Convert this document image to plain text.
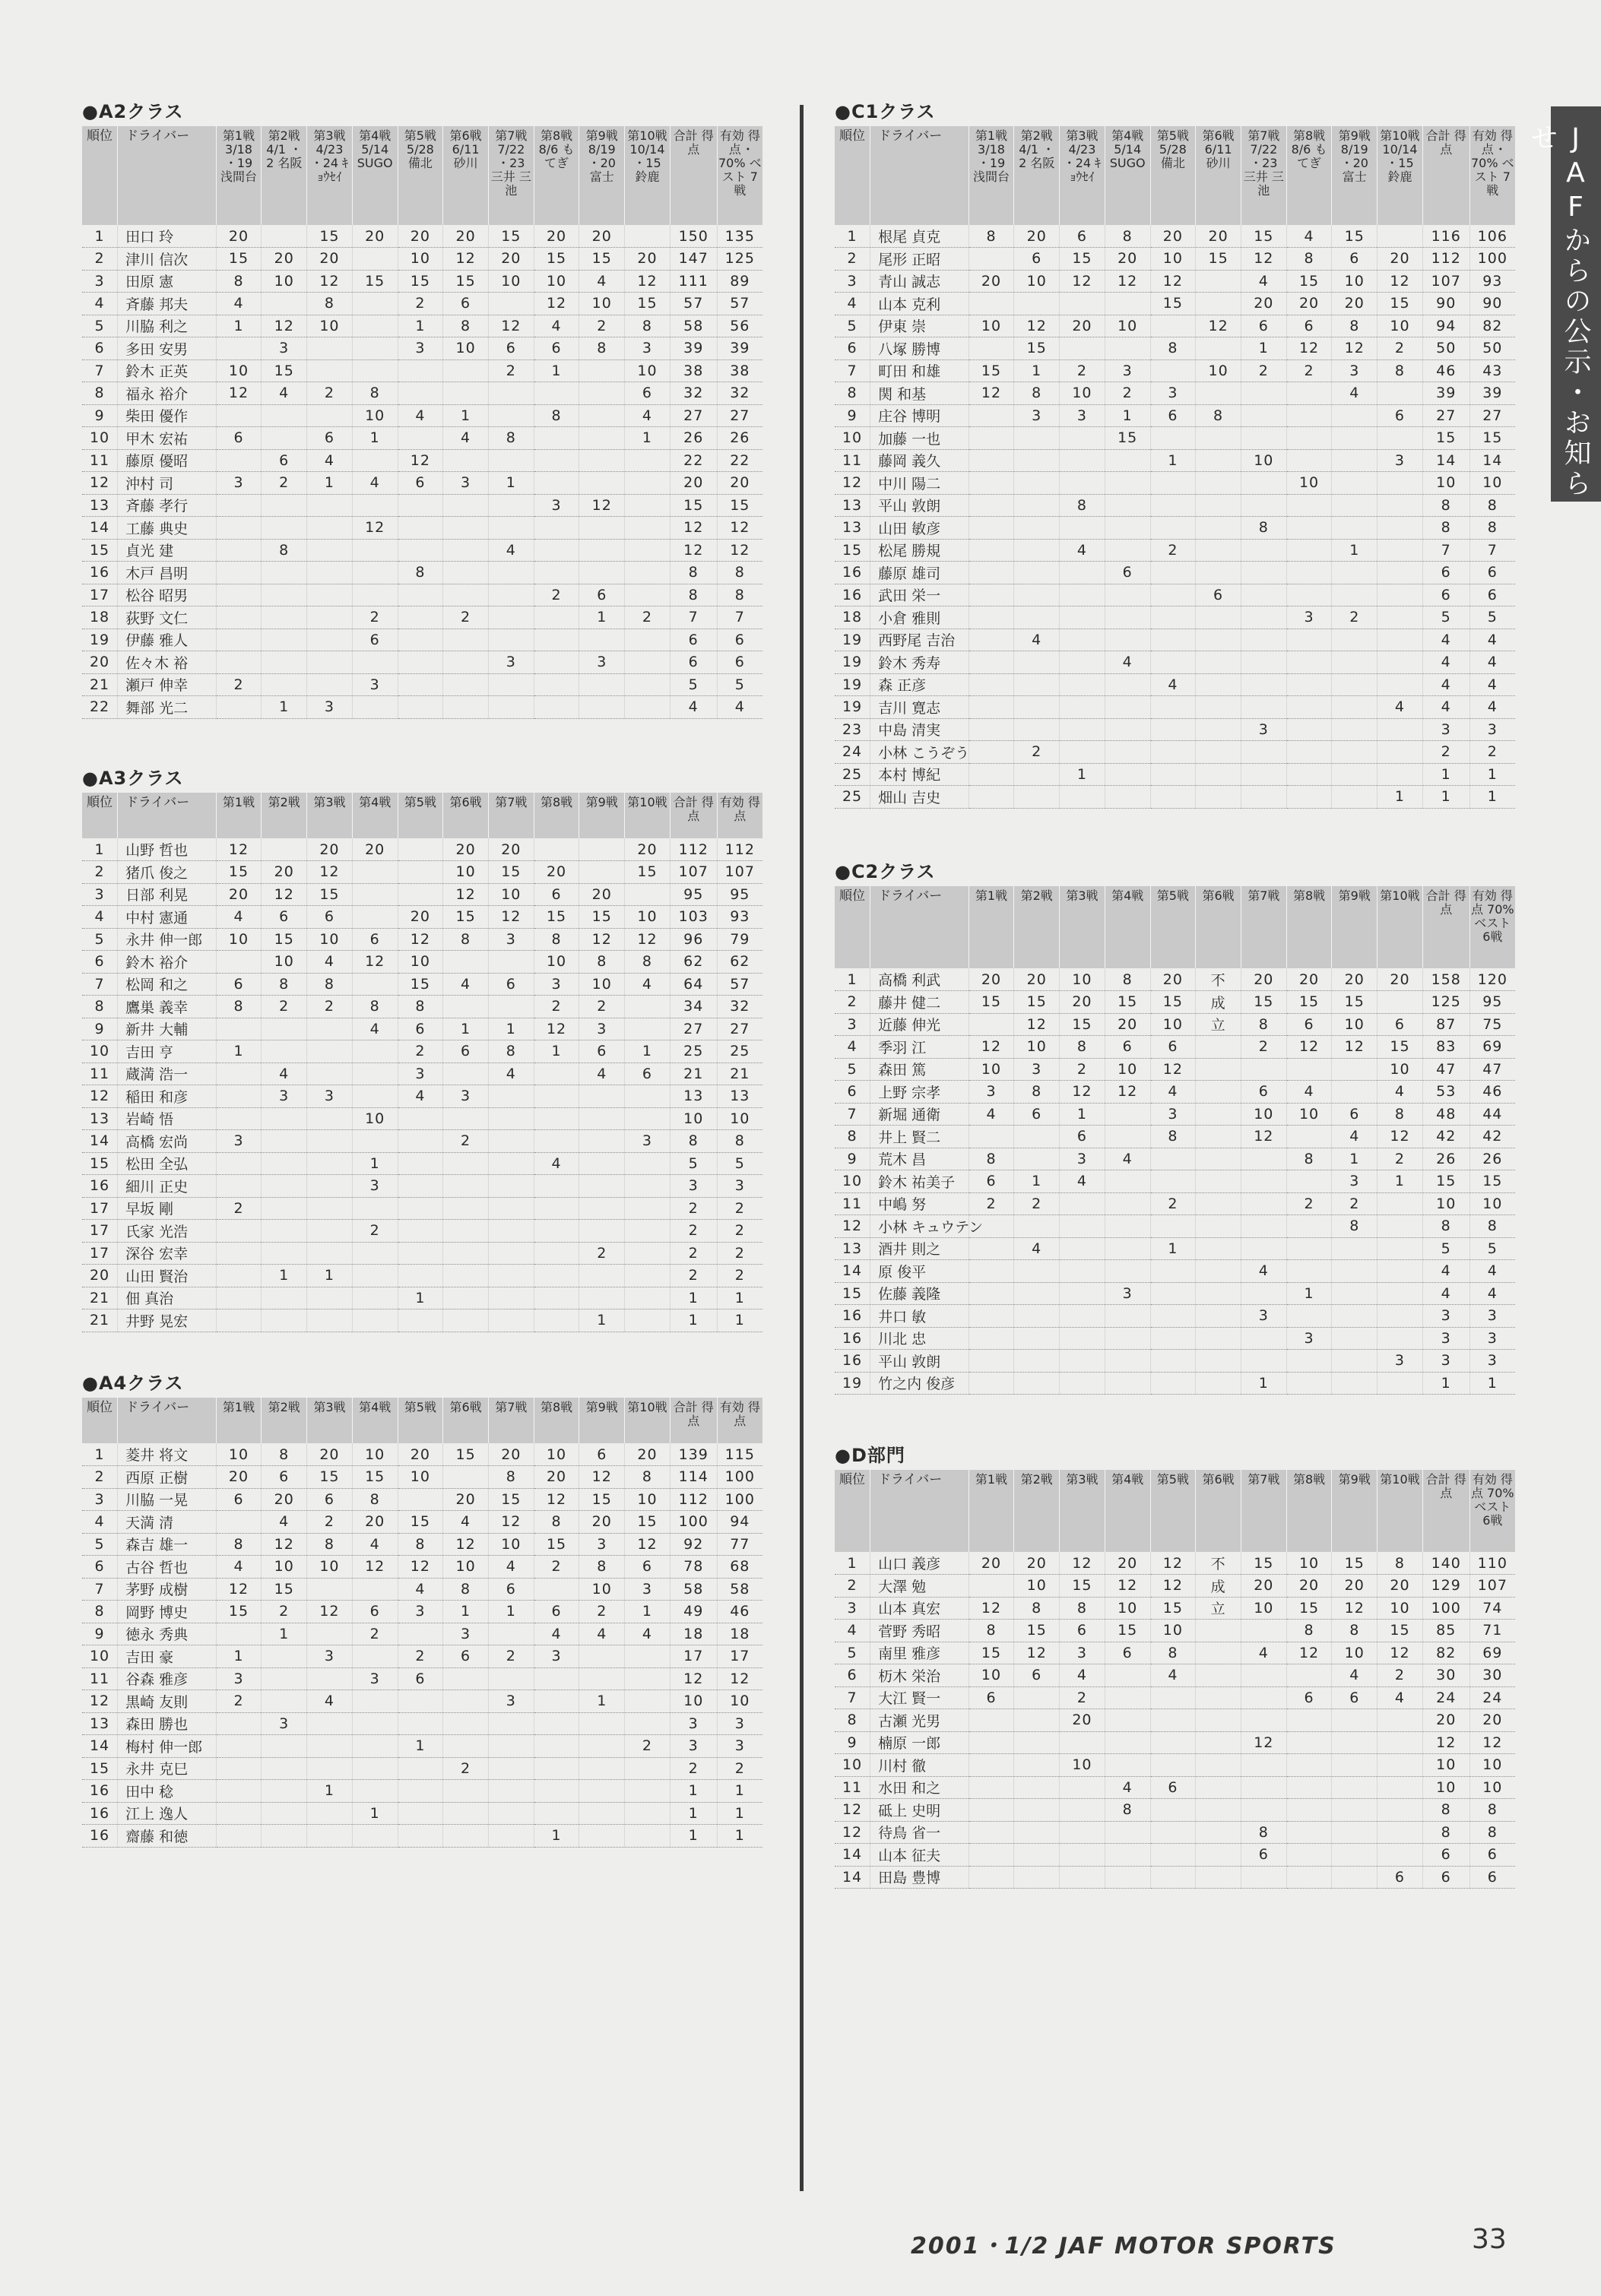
JAFからの公示・お知らせ
●A2クラス
順位	ドライバー	第1戦 3/18 ・19 浅間台	第2戦 4/1 ・2 名阪	第3戦 4/23 ・24 ｷｮｳｾｲ	第4戦 5/14 SUGO	第5戦 5/28 備北	第6戦 6/11 砂川	第7戦 7/22 ・23 三井 三池	第8戦 8/6 もてぎ	第9戦 8/19 ・20 富士	第10戦 10/14 ・15 鈴鹿	合計 得点	有効 得点 ･70% ベスト 7戦
1	田口 玲	20		15	20	20	20	15	20	20		150	135
2	津川 信次	15	20	20		10	12	20	15	15	20	147	125
3	田原 憲	8	10	12	15	15	15	10	10	4	12	111	89
4	斉藤 邦夫	4		8		2	6		12	10	15	57	57
5	川脇 利之	1	12	10		1	8	12	4	2	8	58	56
6	多田 安男		3			3	10	6	6	8	3	39	39
7	鈴木 正英	10	15					2	1		10	38	38
8	福永 裕介	12	4	2	8						6	32	32
9	柴田 優作				10	4	1		8		4	27	27
10	甲木 宏祐	6		6	1		4	8			1	26	26
11	藤原 優昭		6	4		12						22	22
12	沖村 司	3	2	1	4	6	3	1				20	20
13	斉藤 孝行								3	12		15	15
14	工藤 典史				12							12	12
15	貞光 建		8					4				12	12
16	木戸 昌明					8						8	8
17	松谷 昭男								2	6		8	8
18	荻野 文仁				2		2			1	2	7	7
19	伊藤 雅人				6							6	6
20	佐々木 裕							3		3		6	6
21	瀬戸 伸幸	2			3							5	5
22	舞部 光二		1	3								4	4
●A3クラス
順位	ドライバー	第1戦	第2戦	第3戦	第4戦	第5戦	第6戦	第7戦	第8戦	第9戦	第10戦	合計 得点	有効 得点
1	山野 哲也	12		20	20		20	20			20	112	112
2	猪爪 俊之	15	20	12			10	15	20		15	107	107
3	日部 利晃	20	12	15			12	10	6	20		95	95
4	中村 憲通	4	6	6		20	15	12	15	15	10	103	93
5	永井 伸一郎	10	15	10	6	12	8	3	8	12	12	96	79
6	鈴木 裕介		10	4	12	10			10	8	8	62	62
7	松岡 和之	6	8	8		15	4	6	3	10	4	64	57
8	鷹巣 義幸	8	2	2	8	8			2	2		34	32
9	新井 大輔				4	6	1	1	12	3		27	27
10	吉田 亨	1				2	6	8	1	6	1	25	25
11	蔵満 浩一		4			3		4		4	6	21	21
12	稲田 和彦		3	3		4	3					13	13
13	岩崎 悟				10							10	10
14	高橋 宏尚	3					2				3	8	8
15	松田 全弘				1				4			5	5
16	細川 正史				3							3	3
17	早坂 剛	2										2	2
17	氏家 光浩				2							2	2
17	深谷 宏幸									2		2	2
20	山田 賢治		1	1								2	2
21	佃 真治					1						1	1
21	井野 晃宏									1		1	1
●A4クラス
順位	ドライバー	第1戦	第2戦	第3戦	第4戦	第5戦	第6戦	第7戦	第8戦	第9戦	第10戦	合計 得点	有効 得点
1	菱井 将文	10	8	20	10	20	15	20	10	6	20	139	115
2	西原 正樹	20	6	15	15	10		8	20	12	8	114	100
3	川脇 一晃	6	20	6	8		20	15	12	15	10	112	100
4	天満 清		4	2	20	15	4	12	8	20	15	100	94
5	森吉 雄一	8	12	8	4	8	12	10	15	3	12	92	77
6	古谷 哲也	4	10	10	12	12	10	4	2	8	6	78	68
7	茅野 成樹	12	15			4	8	6		10	3	58	58
8	岡野 博史	15	2	12	6	3	1	1	6	2	1	49	46
9	徳永 秀典		1		2		3		4	4	4	18	18
10	吉田 豪	1		3		2	6	2	3			17	17
11	谷森 雅彦	3			3	6						12	12
12	黒崎 友則	2		4				3		1		10	10
13	森田 勝也		3									3	3
14	梅村 伸一郎					1					2	3	3
15	永井 克巳						2					2	2
16	田中 稔			1								1	1
16	江上 逸人				1							1	1
16	齋藤 和徳								1			1	1
●C1クラス
順位	ドライバー	第1戦 3/18 ・19 浅間台	第2戦 4/1 ・2 名阪	第3戦 4/23 ・24 ｷｮｳｾｲ	第4戦 5/14 SUGO	第5戦 5/28 備北	第6戦 6/11 砂川	第7戦 7/22 ・23 三井 三池	第8戦 8/6 もてぎ	第9戦 8/19 ・20 富士	第10戦 10/14 ・15 鈴鹿	合計 得点	有効 得点 ･70% ベスト 7戦
1	根尾 貞克	8	20	6	8	20	20	15	4	15		116	106
2	尾形 正昭		6	15	20	10	15	12	8	6	20	112	100
3	青山 誠志	20	10	12	12	12		4	15	10	12	107	93
4	山本 克利					15		20	20	20	15	90	90
5	伊東 崇	10	12	20	10		12	6	6	8	10	94	82
6	八塚 勝博		15			8		1	12	12	2	50	50
7	町田 和雄	15	1	2	3		10	2	2	3	8	46	43
8	関 和基	12	8	10	2	3				4		39	39
9	庄谷 博明		3	3	1	6	8				6	27	27
10	加藤 一也				15							15	15
11	藤岡 義久					1		10			3	14	14
12	中川 陽二								10			10	10
13	平山 敦朗			8								8	8
13	山田 敏彦							8				8	8
15	松尾 勝規			4		2				1		7	7
16	藤原 雄司				6							6	6
16	武田 栄一						6					6	6
18	小倉 雅則								3	2		5	5
19	西野尾 吉治		4									4	4
19	鈴木 秀寿				4							4	4
19	森 正彦					4						4	4
19	吉川 寛志										4	4	4
23	中島 清実							3				3	3
24	小林 こうぞう		2									2	2
25	本村 博紀			1								1	1
25	畑山 吉史										1	1	1
●C2クラス
順位	ドライバー	第1戦	第2戦	第3戦	第4戦	第5戦	第6戦	第7戦	第8戦	第9戦	第10戦	合計 得点	有効 得点 70% ベスト6戦
1	高橋 利武	20	20	10	8	20	不	20	20	20	20	158	120
2	藤井 健二	15	15	20	15	15	成	15	15	15		125	95
3	近藤 伸光		12	15	20	10	立	8	6	10	6	87	75
4	季羽 江	12	10	8	6	6		2	12	12	15	83	69
5	森田 篤	10	3	2	10	12					10	47	47
6	上野 宗孝	3	8	12	12	4		6	4		4	53	46
7	新堀 通衛	4	6	1		3		10	10	6	8	48	44
8	井上 賢二			6		8		12		4	12	42	42
9	荒木 昌	8		3	4				8	1	2	26	26
10	鈴木 祐美子	6	1	4						3	1	15	15
11	中嶋 努	2	2			2			2	2		10	10
12	小林 キュウテン									8		8	8
13	酒井 則之		4			1						5	5
14	原 俊平							4				4	4
15	佐藤 義隆				3				1			4	4
16	井口 敏							3				3	3
16	川北 忠								3			3	3
16	平山 敦朗										3	3	3
19	竹之内 俊彦							1				1	1
●D部門
順位	ドライバー	第1戦	第2戦	第3戦	第4戦	第5戦	第6戦	第7戦	第8戦	第9戦	第10戦	合計 得点	有効 得点 70% ベスト6戦
1	山口 義彦	20	20	12	20	12	不	15	10	15	8	140	110
2	大澤 勉		10	15	12	12	成	20	20	20	20	129	107
3	山本 真宏	12	8	8	10	15	立	10	15	12	10	100	74
4	菅野 秀昭	8	15	6	15	10			8	8	15	85	71
5	南里 雅彦	15	12	3	6	8		4	12	10	12	82	69
6	杤木 栄治	10	6	4		4				4	2	30	30
7	大江 賢一	6		2					6	6	4	24	24
8	古瀬 光男			20								20	20
9	楠原 一郎							12				12	12
10	川村 徹			10								10	10
11	水田 和之				4	6						10	10
12	砥上 史明				8							8	8
12	待鳥 省一							8				8	8
14	山本 征夫							6				6	6
14	田島 豊博										6	6	6
2001・1/2 JAF MOTOR SPORTS	33
